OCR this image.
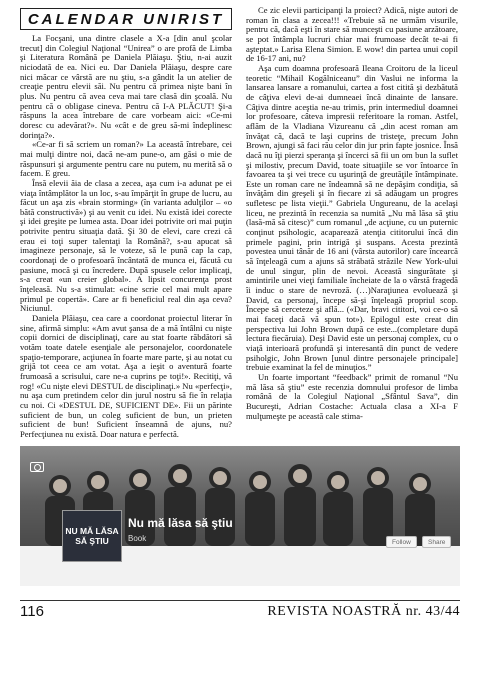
CALENDAR UNIRIST

La Focşani, una dintre clasele a X-a [din anul şcolar trecut] din Colegiul Naţional “Unirea” o are profă de Limba şi Literatura Română pe Daniela Plăiaşu. Ştiu, n-ai auzit niciodată de ea. Nici eu. Dar Daniela Plăiaşu, despre care nici măcar ce vârstă are nu ştiu, s-a gândit la un atelier de creaţie pentru elevii săi. Nu pentru că primea nişte bani în plus. Nu pentru că avea ceva mai tare clasă din şcoală. Nu pentru că o obligase cineva. Pentru că I-A PLĂCUT! Şi-a răspuns la acea întrebare de care vorbeam aici: «Ce-mi doresc cu adevărat?». Nu «cât e de greu să-mi îndeplinesc dorinţa?».

«Ce-ar fi să scriem un roman?» La această întrebare, cei mai mulţi dintre noi, dacă ne-am pune-o, am găsi o mie de răspunsuri şi argumente pentru care nu putem, nu merită să o facem. E greu.

Însă elevii ăia de clasa a zecea, aşa cum i-a adunat pe ei viaţa întâmplător la un loc, s-au împărţit în grupe de lucru, au făcut un aşa zis «brain storming» (în varianta adulţilor – «o bătă constructivă») şi au venit cu idei. Nu există idei corecte şi idei greşite pe lumea asta. Doar idei potrivite ori mai puţin potrivite pentru situaţia dată. Şi 30 de elevi, care crezi că erau ei toţi super talentaţi la Română?, s-au apucat să imagineze personaje, să le voteze, să le pună cap la cap, coordonaţi de o profesoară încântată de munca ei, făcută cu pasiune, mocă şi cu încredere. După spusele celor implicaţi, s-a creat «un creier global». A lipsit concurenţa prost înţeleasă. Nu s-a stimulat: «cine scrie cel mai mult apare primul pe copertă». Care ar fi beneficiul real din aşa ceva? Niciunul.

Daniela Plăiaşu, cea care a coordonat proiectul literar în sine, afirmă simplu: «Am avut şansa de a mă întâlni cu nişte copii dornici de disciplinaţi, care au stat foarte răbdători să votăm toate datele esenţiale ale personajelor, coordonatele spaţio-temporare, acţiunea în foarte mare parte, şi au notat cu grijă tot ceea ce am votat. Aşa a ieşit o aventură foarte frumoasă a scrisului, care ne-a cuprins pe toţi!». Recitiţi, vă rog! «Cu nişte elevi DESTUL de disciplinaţi.» Nu «perfecţi», nu aşa cum pretindem celor din jurul nostru să fie în relaţia cu noi. Ci «DESTUL DE, SUFICIENT DE». Fii un părinte suficient de bun, un coleg suficient de bun, un prieten suficient de bun! Suficient înseamnă de ajuns, nu? Perfecţiunea nu există. Doar natura e perfectă.

Ce zic elevii participanţi la proiect? Adică, nişte autori de roman în clasa a zecea!!! «Trebuie să ne urmăm visurile, pentru că, dacă eşti în stare să munceşti cu pasiune arzătoare, se pot întâmpla lucruri chiar mai frumoase decât te-ai fi aşteptat.» Larisa Elena Simion. E wow! din partea unui copil de 16-17 ani, nu?

Aşa cum doamna profesoară Ileana Croitoru de la liceul teoretic “Mihail Kogălniceanu” din Vaslui ne informa la lansarea lansare a romanului, cartea a fost citită şi dezbătută de câţiva elevi de-ai dumneaei încă dinainte de lansare. Câţiva dintre aceştia ne-au trimis, prin intermediul doamnei lor profesoare, câteva impresii referitoare la roman. Astfel, aflăm de la Vladiana Vizureanu că „din acest roman am învăţat că, dacă te laşi cuprins de tristeţe, precum John Brown, ajungi să faci rău celor din jur prin fapte josnice. Însă dacă nu îţi pierzi speranţa şi încerci să fii un om bun la suflet şi milostiv, precum David, toate situaţiile se vor întoarce în favoarea ta şi vei trece cu uşurinţă de greutăţile întâmpinate. Este un roman care ne îndeamnă să ne depăşim condiţia, să învăţăm din greşeli şi în fiecare zi să adăugam un progres sufletesc pe lista vieţii.” Gabriela Ungureanu, de la acelaşi liceu, ne prezintă în recenzia sa numită „Nu mă lăsa să ştiu (lasă-mă să citesc)” cum romanul „de acţiune, cu un puternic conţinut psihologic, acaparează atenţia cititorului încă din primele pagini, prin intrigă şi suspans. Acesta prezintă povestea unui tânăr de 16 ani (vârsta autorilor) care încearcă să înţeleagă cum a ajuns să străbată străzile New York-ului de unul singur, plin de nevoi. Această singurătate şi amintirile unei vieţi familiale încheiate de la o vârstă fragedă îi induc o stare de nevroză. (…)Naraţiunea evoluează şi David, ca personaj, începe să-şi înţeleagă propriul scop. Începe să cerceteze şi află... («Dar, bravi cititori, voi ce-o să mai faceţi dacă vă spun tot»). Epilogul este creat din perspectiva lui John Brown după ce este...(completare după lectura fiecăruia). Deşi David este un personaj complex, cu o viaţă interioară profundă şi interesantă din punct de vedere psiholgic, John Brown [unul dintre personajele principale] trebuie examinat la fel de minuţios.”

Un foarte important “feedback” primit de romanul “Nu mă lăsa să ştiu” este recenzia domnului profesor de limba română de la Colegiul Naţional „Sfântul Sava”, din Bucureşti, Adrian Costache: Actuala clasa a XI-a F mulţumeşte pe această cale stima-

NU MĂ LĂSA SĂ ŞTIU
Nu mă lăsa să ştiu
Book	Follow	Share
116	REVISTA NOASTRĂ nr. 43/44
